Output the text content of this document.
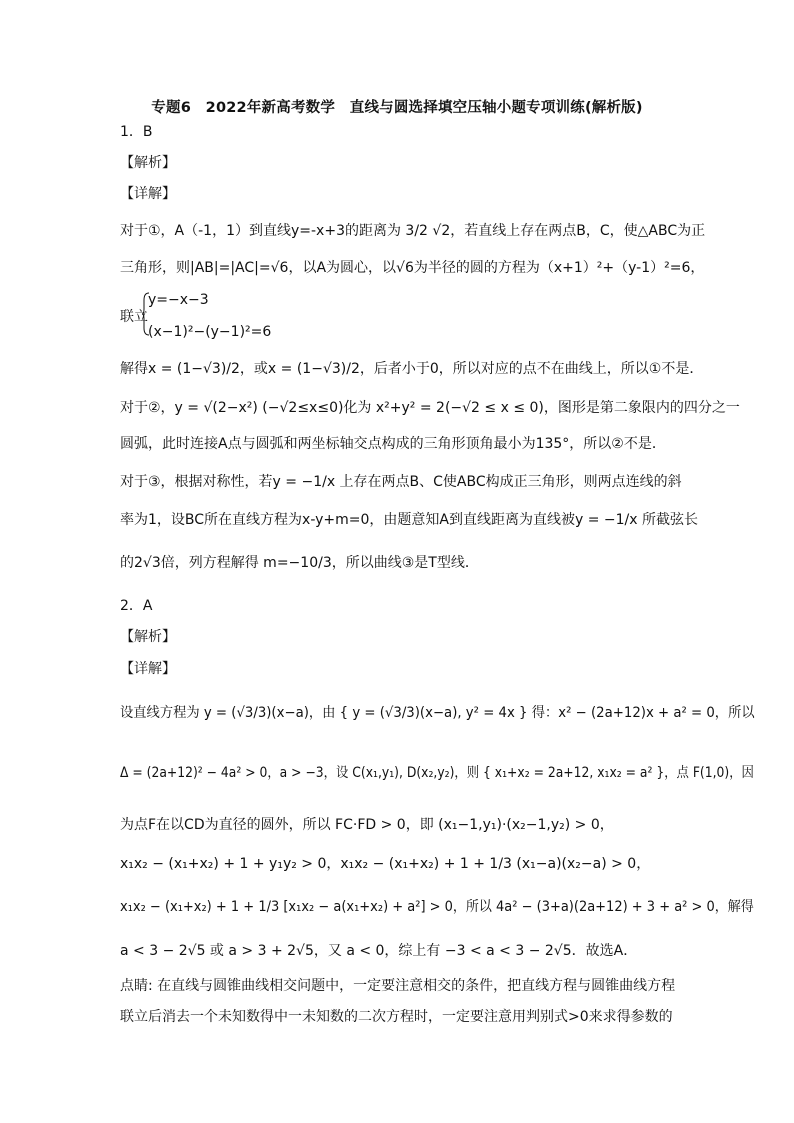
专题6　2022年新高考数学　直线与圆选择填空压轴小题专项训练(解析版)
1．B
【解析】
【详解】
对于①，A（-1，1）到直线y=-x+3的距离为 3/2 √2，若直线上存在两点B，C，使△ABC为正
三角形，则|AB|=|AC|=√6，以A为圆心，以√6为半径的圆的方程为（x+1）²+（y-1）²=6，
y=−x−3
联立
(x−1)²−(y−1)²=6
解得x = (1−√3)/2，或x = (1−√3)/2，后者小于0，所以对应的点不在曲线上，所以①不是．
对于②，y = √(2−x²) (−√2≤x≤0)化为 x²+y² = 2(−√2 ≤ x ≤ 0)，图形是第二象限内的四分之一
圆弧，此时连接A点与圆弧和两坐标轴交点构成的三角形顶角最小为135°，所以②不是．
对于③，根据对称性，若y = −1/x 上存在两点B、C使ABC构成正三角形，则两点连线的斜
率为1，设BC所在直线方程为x-y+m=0，由题意知A到直线距离为直线被y = −1/x 所截弦长
的2√3倍，列方程解得 m=−10/3，所以曲线③是T型线．
2．A
【解析】
【详解】
设直线方程为 y = (√3/3)(x−a)，由 { y = (√3/3)(x−a), y² = 4x } 得：x² − (2a+12)x + a² = 0，所以
Δ = (2a+12)² − 4a² > 0，a > −3，设 C(x₁,y₁), D(x₂,y₂)，则 { x₁+x₂ = 2a+12, x₁x₂ = a² }，点 F(1,0)，因
为点F在以CD为直径的圆外，所以 FC·FD > 0，即 (x₁−1,y₁)·(x₂−1,y₂) > 0，
x₁x₂ − (x₁+x₂) + 1 + y₁y₂ > 0，x₁x₂ − (x₁+x₂) + 1 + 1/3 (x₁−a)(x₂−a) > 0，
x₁x₂ − (x₁+x₂) + 1 + 1/3 [x₁x₂ − a(x₁+x₂) + a²] > 0，所以 4a² − (3+a)(2a+12) + 3 + a² > 0，解得
a < 3 − 2√5 或 a > 3 + 2√5，又 a < 0，综上有 −3 < a < 3 − 2√5．故选A．
点睛: 在直线与圆锥曲线相交问题中，一定要注意相交的条件，把直线方程与圆锥曲线方程
联立后消去一个未知数得中一未知数的二次方程时，一定要注意用判别式>0来求得参数的
